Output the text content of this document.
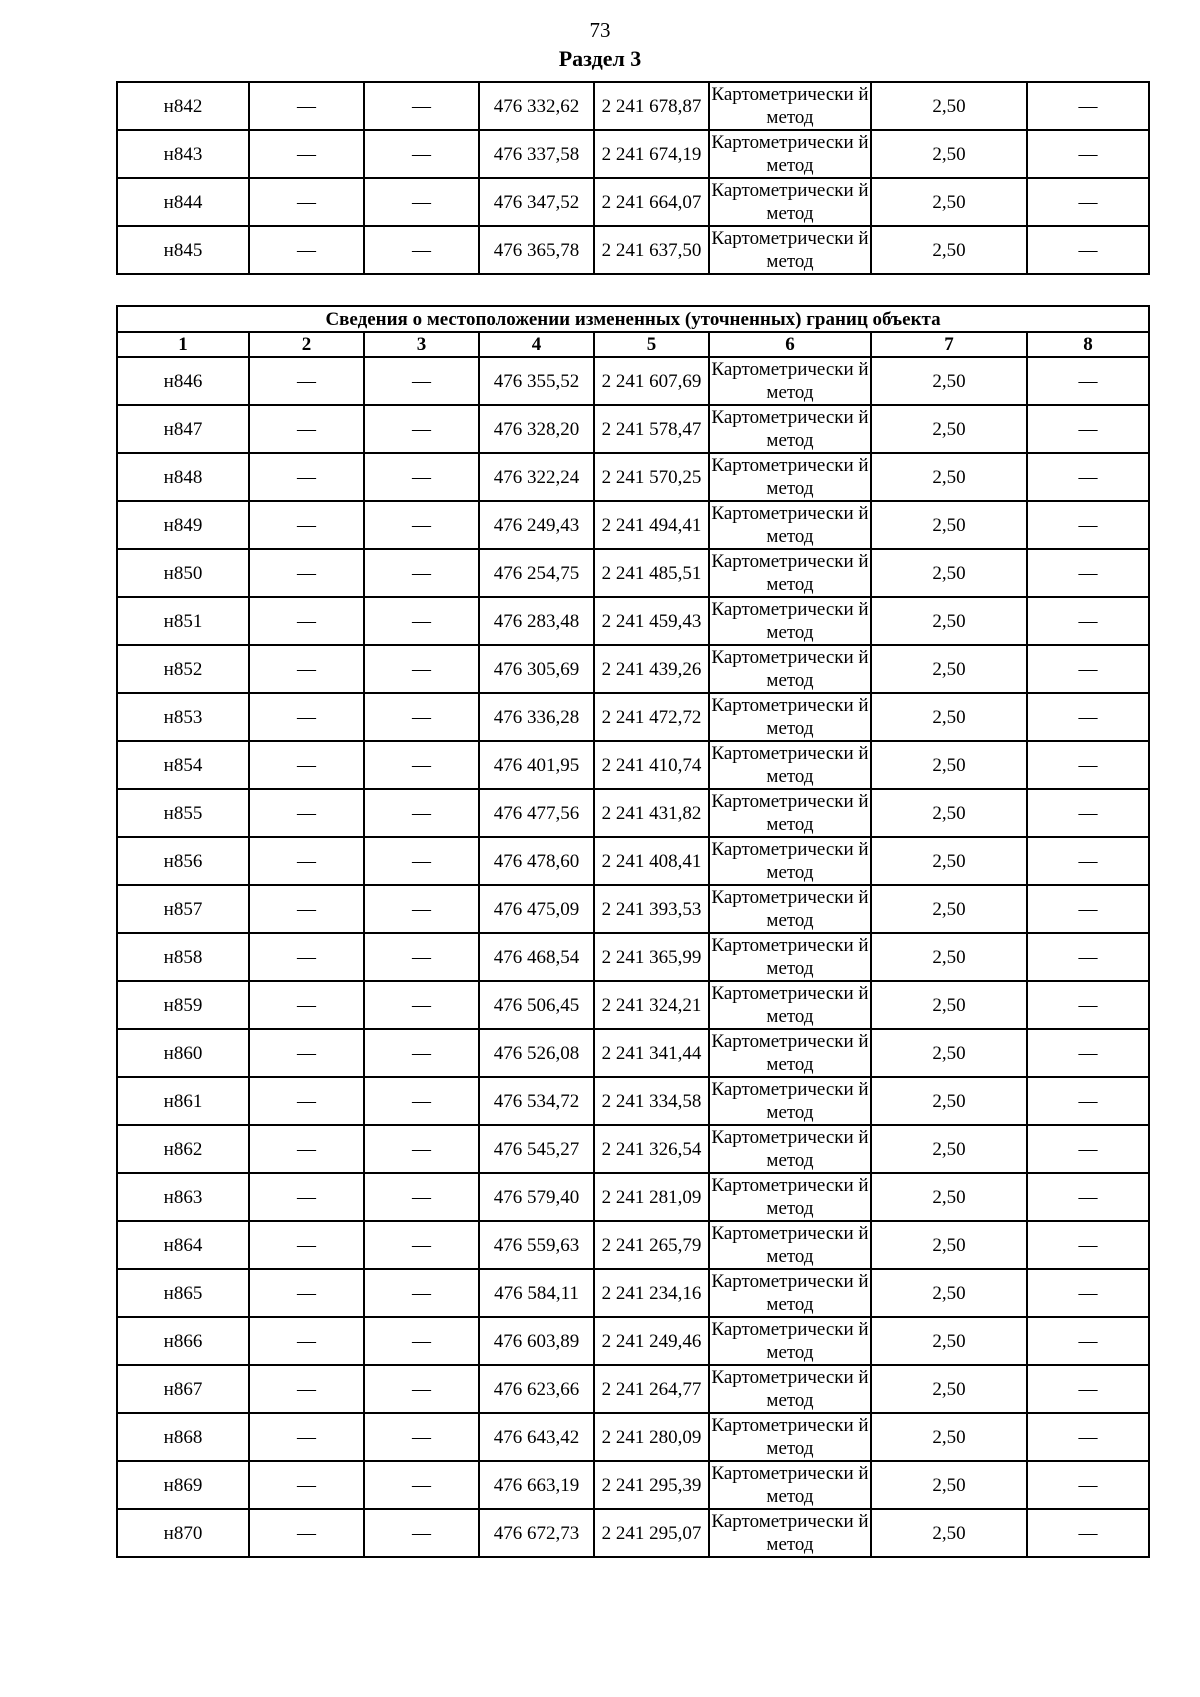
73
Раздел 3
н842	—	—	476 332,62	2 241 678,87	Картометрически й метод	2,50	—
н843	—	—	476 337,58	2 241 674,19	Картометрически й метод	2,50	—
н844	—	—	476 347,52	2 241 664,07	Картометрически й метод	2,50	—
н845	—	—	476 365,78	2 241 637,50	Картометрически й метод	2,50	—
Сведения о местоположении измененных (уточненных) границ объекта							
1	2	3	4	5	6	7	8
н846	—	—	476 355,52	2 241 607,69	Картометрически й метод	2,50	—
н847	—	—	476 328,20	2 241 578,47	Картометрически й метод	2,50	—
н848	—	—	476 322,24	2 241 570,25	Картометрически й метод	2,50	—
н849	—	—	476 249,43	2 241 494,41	Картометрически й метод	2,50	—
н850	—	—	476 254,75	2 241 485,51	Картометрически й метод	2,50	—
н851	—	—	476 283,48	2 241 459,43	Картометрически й метод	2,50	—
н852	—	—	476 305,69	2 241 439,26	Картометрически й метод	2,50	—
н853	—	—	476 336,28	2 241 472,72	Картометрически й метод	2,50	—
н854	—	—	476 401,95	2 241 410,74	Картометрически й метод	2,50	—
н855	—	—	476 477,56	2 241 431,82	Картометрически й метод	2,50	—
н856	—	—	476 478,60	2 241 408,41	Картометрически й метод	2,50	—
н857	—	—	476 475,09	2 241 393,53	Картометрически й метод	2,50	—
н858	—	—	476 468,54	2 241 365,99	Картометрически й метод	2,50	—
н859	—	—	476 506,45	2 241 324,21	Картометрически й метод	2,50	—
н860	—	—	476 526,08	2 241 341,44	Картометрически й метод	2,50	—
н861	—	—	476 534,72	2 241 334,58	Картометрически й метод	2,50	—
н862	—	—	476 545,27	2 241 326,54	Картометрически й метод	2,50	—
н863	—	—	476 579,40	2 241 281,09	Картометрически й метод	2,50	—
н864	—	—	476 559,63	2 241 265,79	Картометрически й метод	2,50	—
н865	—	—	476 584,11	2 241 234,16	Картометрически й метод	2,50	—
н866	—	—	476 603,89	2 241 249,46	Картометрически й метод	2,50	—
н867	—	—	476 623,66	2 241 264,77	Картометрически й метод	2,50	—
н868	—	—	476 643,42	2 241 280,09	Картометрически й метод	2,50	—
н869	—	—	476 663,19	2 241 295,39	Картометрически й метод	2,50	—
н870	—	—	476 672,73	2 241 295,07	Картометрически й метод	2,50	—
